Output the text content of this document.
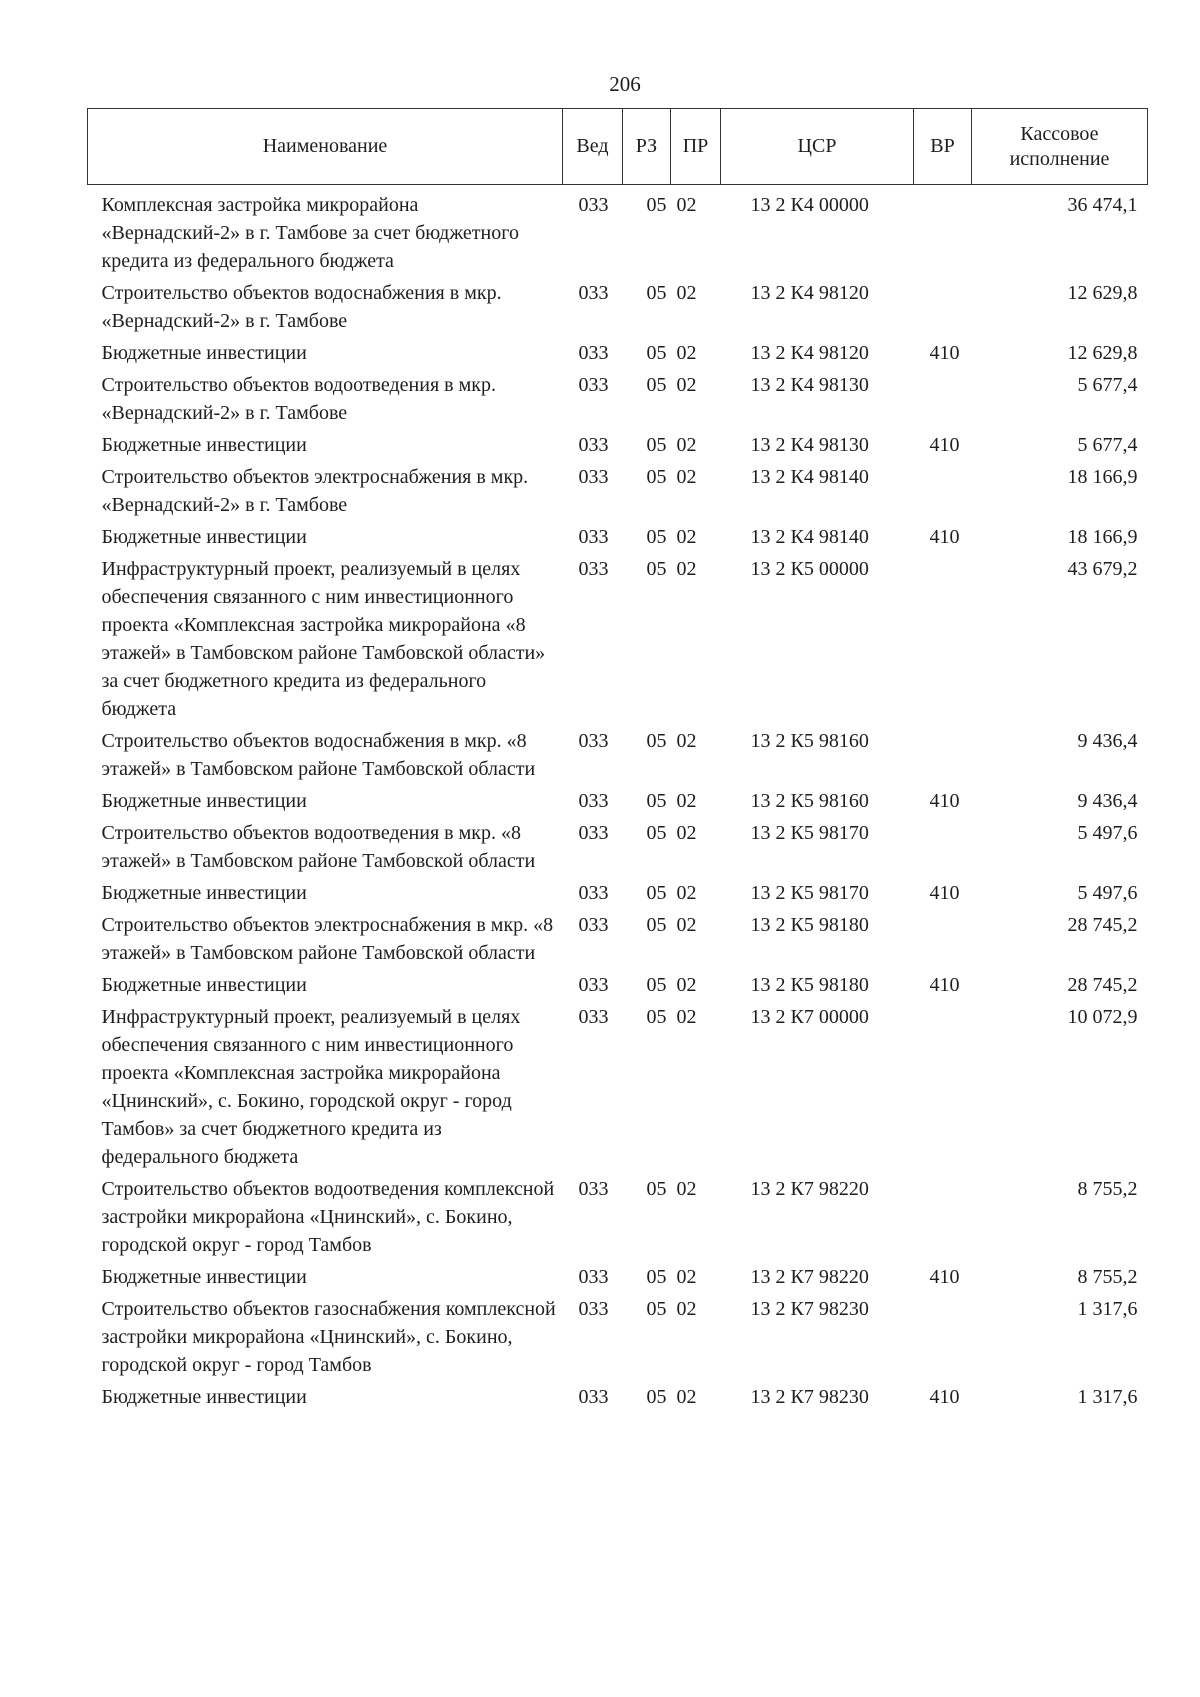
206
Наименование	Вед	РЗ	ПР	ЦСР	ВР	Кассовое
исполнение
Комплексная застройка микрорайона «Вернадский-2» в г. Тамбове за счет бюджетного кредита из федерального бюджета	033	05	02	13 2 К4 00000		36 474,1
Строительство объектов водоснабжения в мкр. «Вернадский-2» в г. Тамбове	033	05	02	13 2 К4 98120		12 629,8
Бюджетные инвестиции	033	05	02	13 2 К4 98120	410	12 629,8
Строительство объектов водоотведения в мкр. «Вернадский-2» в г. Тамбове	033	05	02	13 2 К4 98130		5 677,4
Бюджетные инвестиции	033	05	02	13 2 К4 98130	410	5 677,4
Строительство объектов электроснабжения в мкр. «Вернадский-2» в г. Тамбове	033	05	02	13 2 К4 98140		18 166,9
Бюджетные инвестиции	033	05	02	13 2 К4 98140	410	18 166,9
Инфраструктурный проект, реализуемый в целях обеспечения связанного с ним инвестиционного проекта «Комплексная застройка микрорайона «8 этажей» в Тамбовском районе Тамбовской области» за счет бюджетного кредита из федерального бюджета	033	05	02	13 2 К5 00000		43 679,2
Строительство объектов водоснабжения в мкр. «8 этажей» в Тамбовском районе Тамбовской области	033	05	02	13 2 К5 98160		9 436,4
Бюджетные инвестиции	033	05	02	13 2 К5 98160	410	9 436,4
Строительство объектов водоотведения в мкр. «8 этажей» в Тамбовском районе Тамбовской области	033	05	02	13 2 К5 98170		5 497,6
Бюджетные инвестиции	033	05	02	13 2 К5 98170	410	5 497,6
Строительство объектов электроснабжения в мкр. «8 этажей» в Тамбовском районе Тамбовской области	033	05	02	13 2 К5 98180		28 745,2
Бюджетные инвестиции	033	05	02	13 2 К5 98180	410	28 745,2
Инфраструктурный проект, реализуемый в целях обеспечения связанного с ним инвестиционного проекта «Комплексная застройка микрорайона «Цнинский», с. Бокино, городской округ - город Тамбов» за счет бюджетного кредита из федерального бюджета	033	05	02	13 2 К7 00000		10 072,9
Строительство объектов водоотведения комплексной застройки микрорайона «Цнинский», с. Бокино, городской округ - город Тамбов	033	05	02	13 2 К7 98220		8 755,2
Бюджетные инвестиции	033	05	02	13 2 К7 98220	410	8 755,2
Строительство объектов газоснабжения комплексной застройки микрорайона «Цнинский», с. Бокино, городской округ - город Тамбов	033	05	02	13 2 К7 98230		1 317,6
Бюджетные инвестиции	033	05	02	13 2 К7 98230	410	1 317,6
